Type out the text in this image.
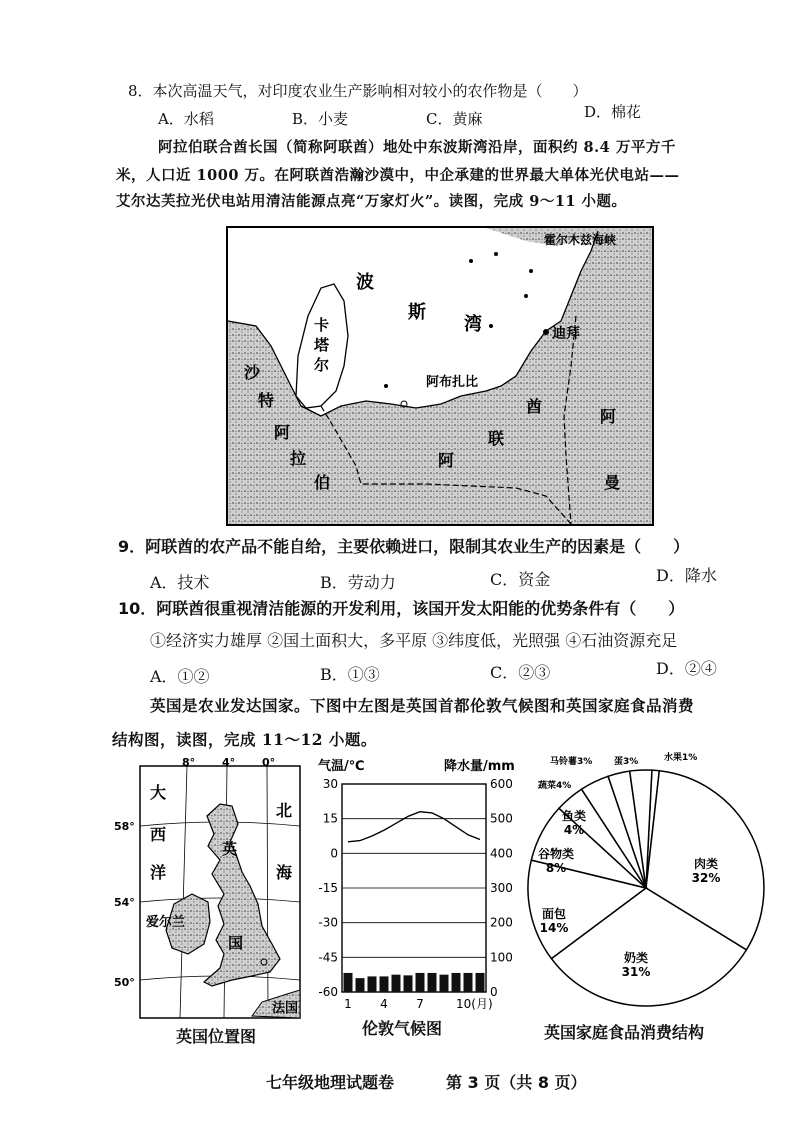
8．本次高温天气，对印度农业生产影响相对较小的农作物是（　　）
A．水稻	B．小麦	C．黄麻	D．棉花
阿拉伯联合酋长国（简称阿联酋）地处中东波斯湾沿岸，面积约 8.4 万平方千
米，人口近 1000 万。在阿联酋浩瀚沙漠中，中企承建的世界最大单体光伏电站——
艾尔达芙拉光伏电站用清洁能源点亮“万家灯火”。读图，完成 9～11 小题。
霍尔木兹海峡
波
斯
湾
卡
塔
尔
迪拜
阿布扎比
沙
特
阿
拉
伯
阿
联
酋
阿
曼
9．阿联酋的农产品不能自给，主要依赖进口，限制其农业生产的因素是（　　）
A．技术	B．劳动力	C．资金	D．降水
10．阿联酋很重视清洁能源的开发利用，该国开发太阳能的优势条件有（　　）
①经济实力雄厚 ②国土面积大，多平原 ③纬度低，光照强 ④石油资源充足
A．①②	B．①③	C．②③	D．②④
英国是农业发达国家。下图中左图是英国首都伦敦气候图和英国家庭食品消费
结构图，读图，完成 11～12 小题。
8° 4° 0°
58°
54°
50°
大
西
洋
北
海
英
国
爱尔兰
法国
英国位置图
气温/℃	降水量/mm
30
15
0
-15
-30
-45
-60
600
500
400
300
200
100
0
1 4 7	10(月)
伦敦气候图
肉类
32%
奶类
31%
面包
14%
谷物类
8%
鱼类
4%
蔬菜4%
马铃薯3% 蛋3%	水果1%
英国家庭食品消费结构
七年级地理试题卷	第 3 页（共 8 页）
